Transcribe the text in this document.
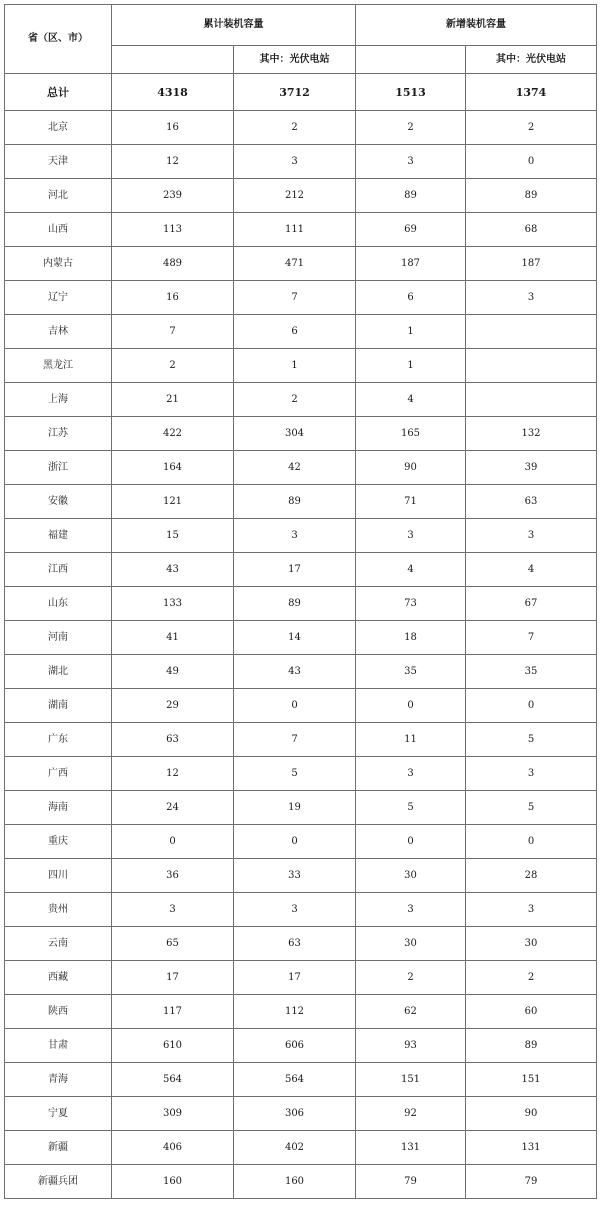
省（区、市）	累计装机容量		新增装机容量	
		其中：光伏电站		其中：光伏电站
总计	4318	3712	1513	1374
北京	16	2	2	2
天津	12	3	3	0
河北	239	212	89	89
山西	113	111	69	68
内蒙古	489	471	187	187
辽宁	16	7	6	3
吉林	7	6	1	
黑龙江	2	1	1	
上海	21	2	4	
江苏	422	304	165	132
浙江	164	42	90	39
安徽	121	89	71	63
福建	15	3	3	3
江西	43	17	4	4
山东	133	89	73	67
河南	41	14	18	7
湖北	49	43	35	35
湖南	29	0	0	0
广东	63	7	11	5
广西	12	5	3	3
海南	24	19	5	5
重庆	0	0	0	0
四川	36	33	30	28
贵州	3	3	3	3
云南	65	63	30	30
西藏	17	17	2	2
陕西	117	112	62	60
甘肃	610	606	93	89
青海	564	564	151	151
宁夏	309	306	92	90
新疆	406	402	131	131
新疆兵团	160	160	79	79
